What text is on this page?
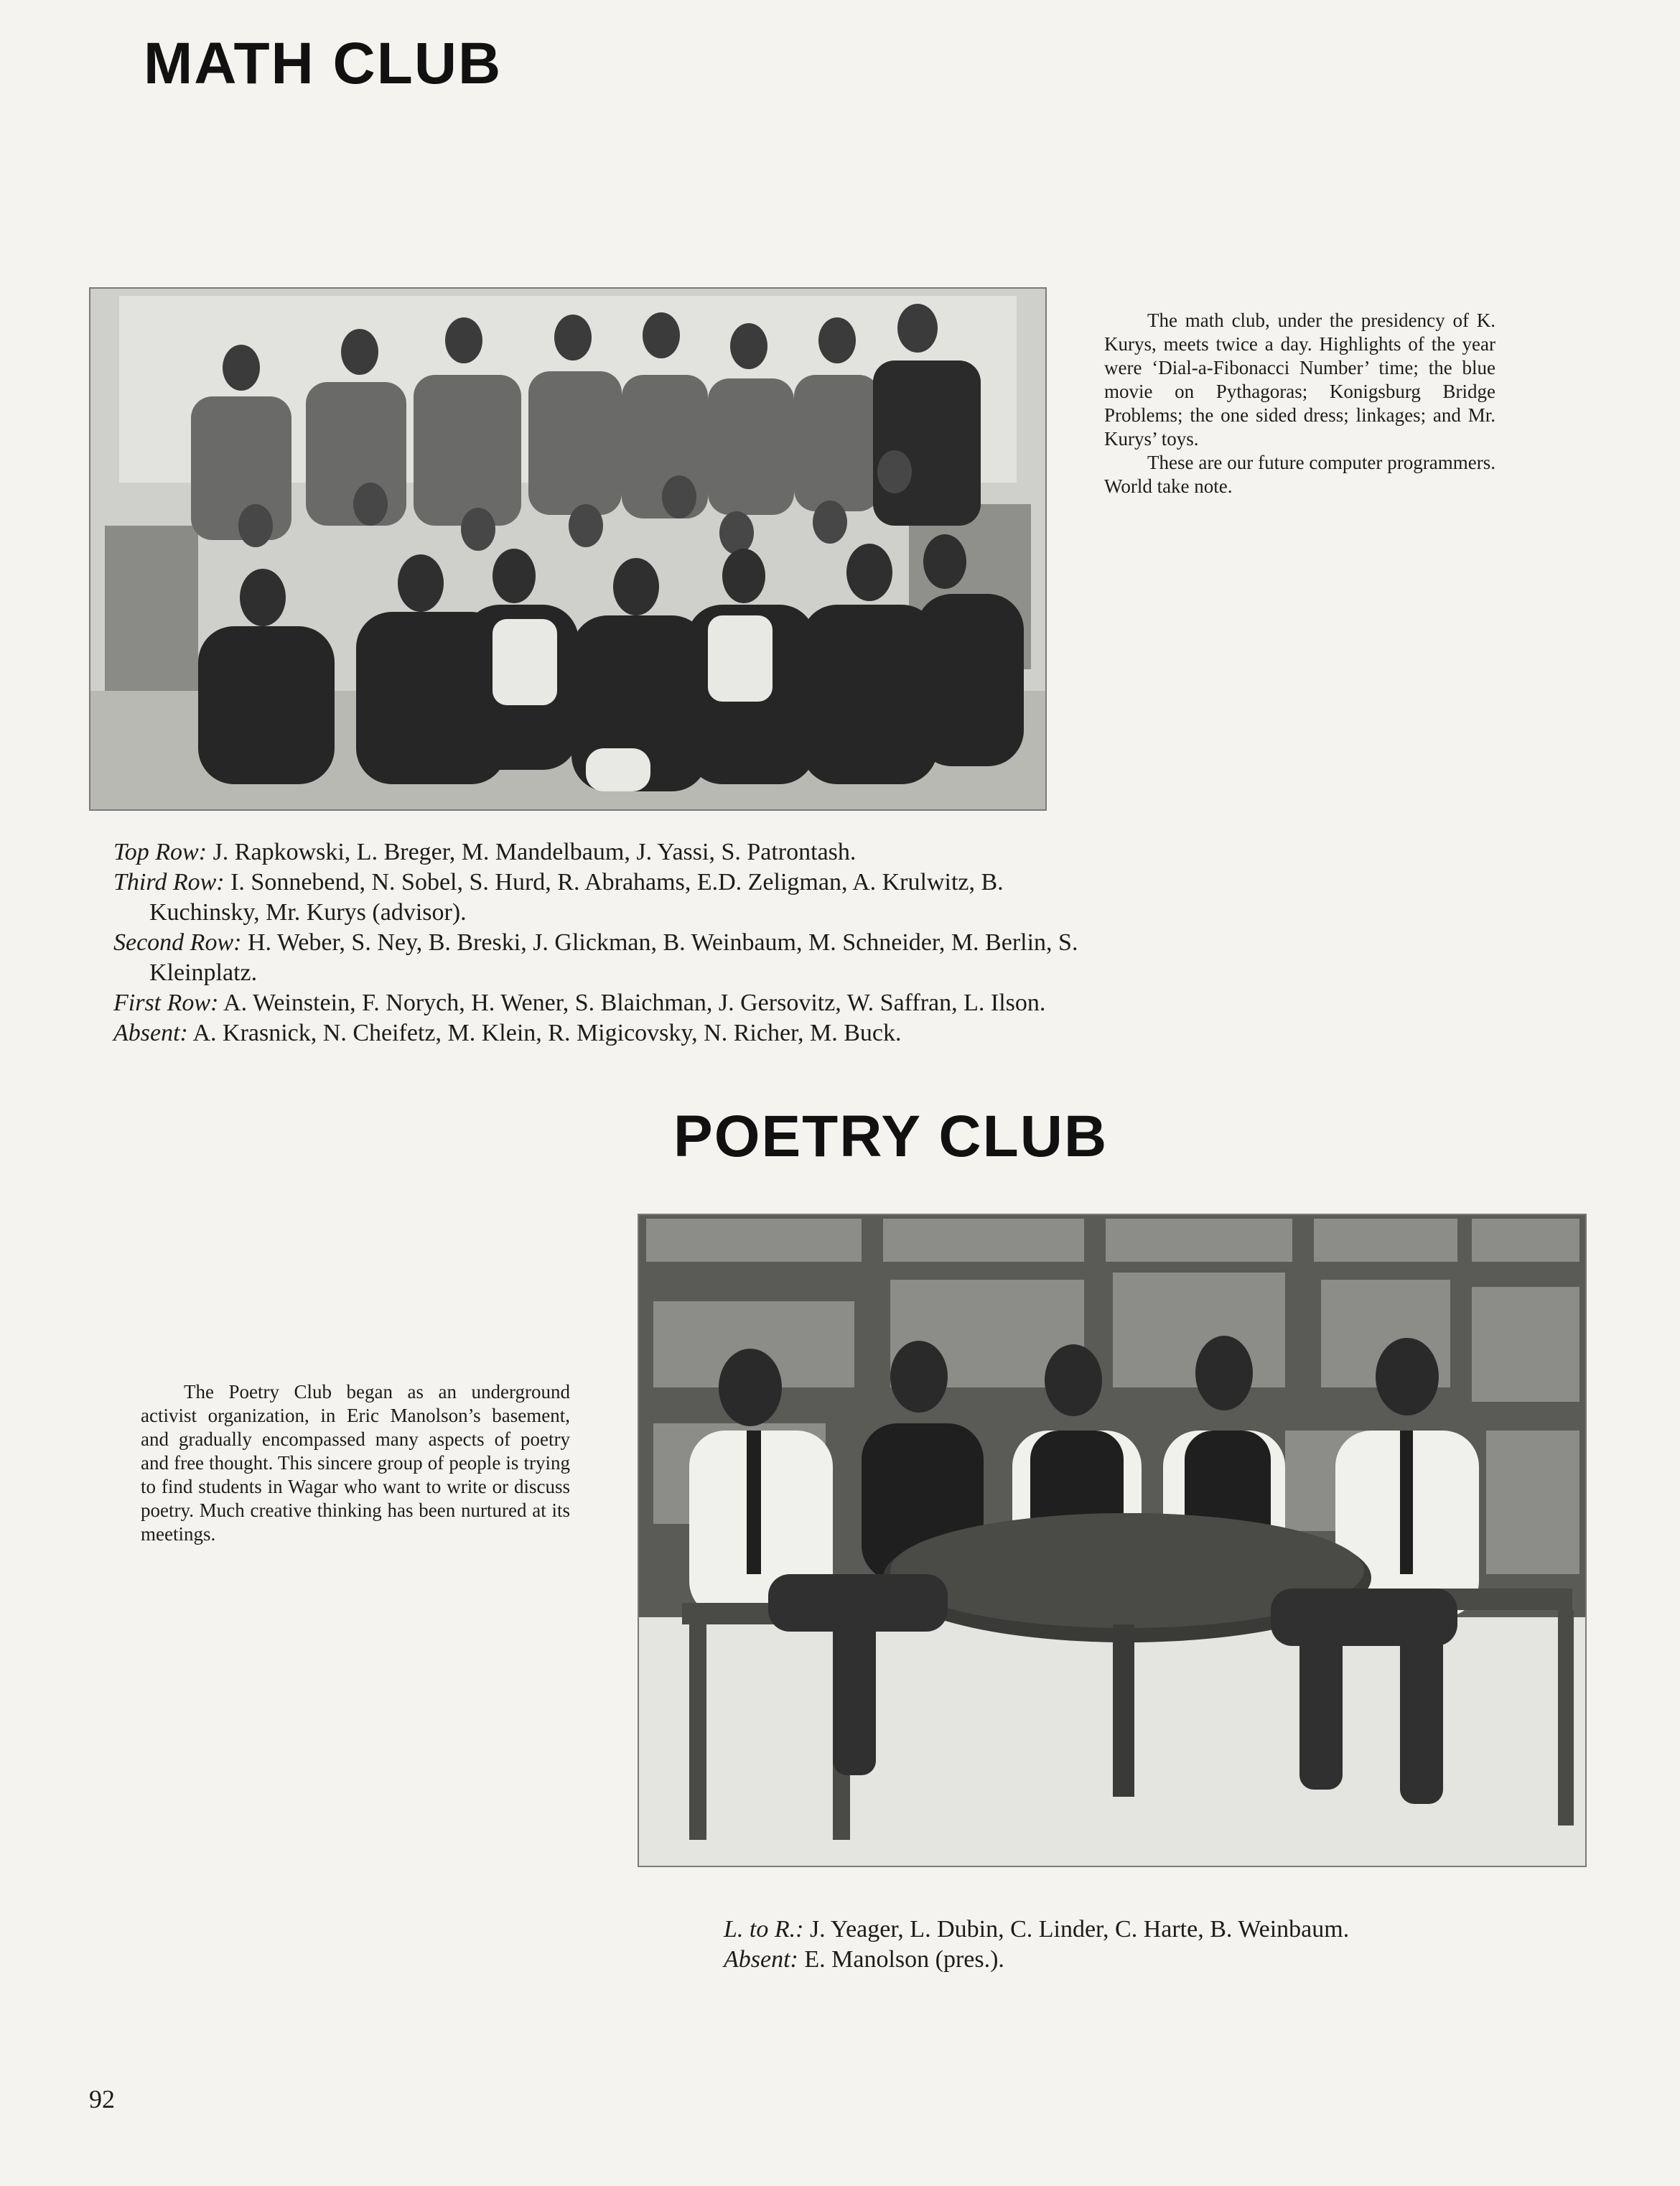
MATH CLUB

The math club, under the presidency of K. Kurys, meets twice a day. Highlights of the year were ‘Dial-a-Fibonacci Number’ time; the blue movie on Pythagoras; Konigsburg Bridge Problems; the one sided dress; linkages; and Mr. Kurys’ toys.

These are our future computer programmers. World take note.

Top Row: J. Rapkowski, L. Breger, M. Mandelbaum, J. Yassi, S. Patrontash.

Third Row: I. Sonnebend, N. Sobel, S. Hurd, R. Abrahams, E.D. Zeligman, A. Krulwitz, B. Kuchinsky, Mr. Kurys (advisor).

Second Row: H. Weber, S. Ney, B. Breski, J. Glickman, B. Weinbaum, M. Schneider, M. Berlin, S. Kleinplatz.

First Row: A. Weinstein, F. Norych, H. Wener, S. Blaichman, J. Gersovitz, W. Saffran, L. Ilson.

Absent: A. Krasnick, N. Cheifetz, M. Klein, R. Migicovsky, N. Richer, M. Buck.

POETRY CLUB

The Poetry Club began as an underground activist organization, in Eric Manolson’s basement, and gradually encompassed many aspects of poetry and free thought. This sincere group of people is trying to find students in Wagar who want to write or discuss poetry. Much creative thinking has been nurtured at its meetings.

L. to R.: J. Yeager, L. Dubin, C. Linder, C. Harte, B. Weinbaum.

Absent: E. Manolson (pres.).

92
